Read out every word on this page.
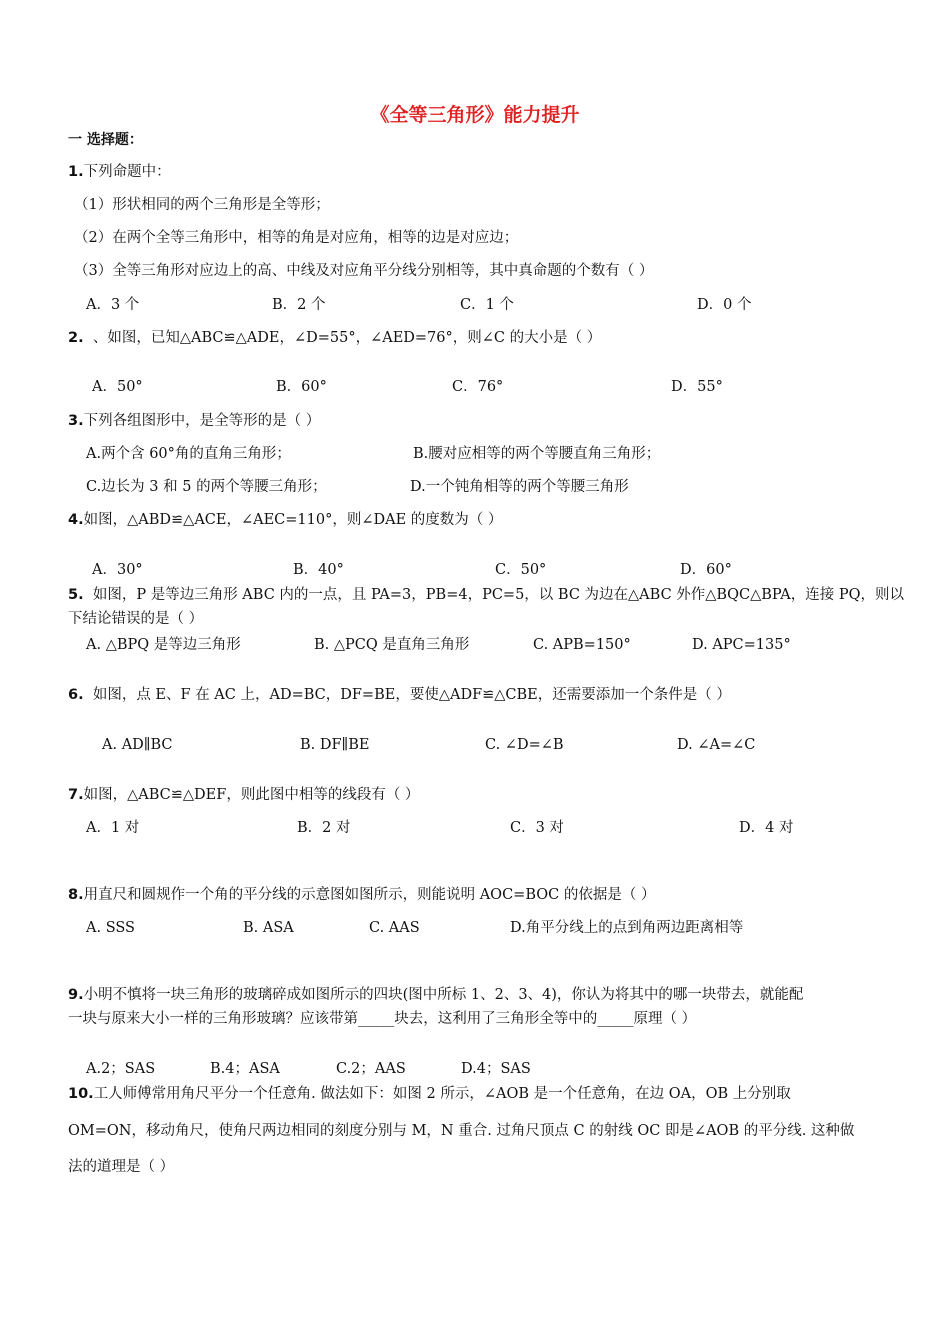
《全等三角形》能力提升
一 选择题：
1.下列命题中：
（1）形状相同的两个三角形是全等形；
（2）在两个全等三角形中，相等的角是对应角，相等的边是对应边；
（3）全等三角形对应边上的高、中线及对应角平分线分别相等，其中真命题的个数有（ ）
A．3 个	B．2 个	C．1 个	D．0 个
2. 、如图，已知△ABC≌△ADE，∠D=55°，∠AED=76°，则∠C 的大小是（ ）
A．50°	B．60°	C．76°	D．55°
3.下列各组图形中，是全等形的是（ ）
A.两个含 60°角的直角三角形；	B.腰对应相等的两个等腰直角三角形；
C.边长为 3 和 5 的两个等腰三角形；	D.一个钝角相等的两个等腰三角形
4.如图，△ABD≌△ACE，∠AEC=110°，则∠DAE 的度数为（ ）
A．30°	B．40°	C．50°	D．60°
5. 如图，P 是等边三角形 ABC 内的一点，且 PA=3，PB=4，PC=5，以 BC 为边在△ABC 外作△BQC△BPA，连接 PQ，则以
下结论错误的是（ ）
A. △BPQ 是等边三角形	B. △PCQ 是直角三角形	C. APB=150°	D. APC=135°
6. 如图，点 E、F 在 AC 上，AD=BC，DF=BE，要使△ADF≌△CBE，还需要添加一个条件是（ ）
A. AD∥BC	B. DF∥BE	C. ∠D=∠B	D. ∠A=∠C
7.如图，△ABC≌△DEF，则此图中相等的线段有（ ）
A．1 对	B．2 对	C．3 对	D．4 对
8.用直尺和圆规作一个角的平分线的示意图如图所示，则能说明 AOC=BOC 的依据是（ ）
A. SSS	B. ASA	C. AAS	D.角平分线上的点到角两边距离相等
9.小明不慎将一块三角形的玻璃碎成如图所示的四块(图中所标 1、2、3、4)，你认为将其中的哪一块带去，就能配
一块与原来大小一样的三角形玻璃？应该带第_____块去，这利用了三角形全等中的_____原理（ ）
A.2；SAS	B.4；ASA	C.2；AAS	D.4；SAS
10.工人师傅常用角尺平分一个任意角. 做法如下：如图 2 所示，∠AOB 是一个任意角，在边 OA，OB 上分别取
OM=ON，移动角尺，使角尺两边相同的刻度分别与 M，N 重合. 过角尺顶点 C 的射线 OC 即是∠AOB 的平分线. 这种做
法的道理是（ ）
